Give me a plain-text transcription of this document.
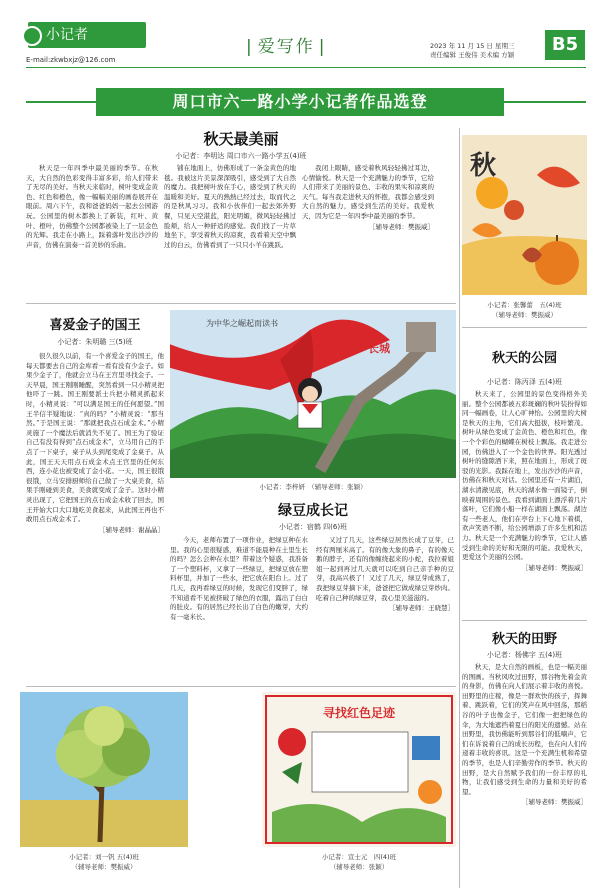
小记者
E-mail:zkwbxjz@126.com
| 爱写作 |	2023 年 11 月 15 日 星期三
责任编辑 王俊伟 美术编 方颖	B5
周口市六一路小学小记者作品选登
秋天最美丽
小记者：李明达 周口市六一路小学五(4)班

秋天是一年四季中最美丽的季节。在秋天，大自然的色彩变得丰富多彩，给人们带来了无尽的美好。当秋天来临时，树叶变成金黄色、红色和橙色，像一幅幅美丽的画卷展开在眼前。周六下午，我和爸爸妈妈一起去公园游玩。公园里的树木都换上了新装，红叶、黄叶、橙叶，仿佛整个公园都被染上了一层金色的光辉。我走在小路上，踩着落叶发出沙沙的声音，仿佛在演奏一首美妙的乐曲。

铺在地面上，仿佛形成了一条金黄色的地毯。我被这片美景深深吸引，感受到了大自然的魔力。我把树叶放在手心，感受到了秋天的温暖和美好。夏天的熱熱已经过去，取而代之的是秋风习习。我和小伙伴们一起去郊外野餐，只见天空湛蓝，阳光明媚，微风轻轻拂过脸颊，给人一种舒适的感觉。我们找了一片草地坐下，享受着秋天的凉爽，我看着天空中飘过的白云，仿佛看到了一只只小羊在跳跃。

我闭上眼睛，感受着秋风轻轻拂过耳边，心情愉悦。秋天是一个充满魅力的季节，它给人们带来了美丽的景色、丰收的果实和凉爽的天气。每当我走进秋天的怀抱，我都会感受到大自然的魅力，感受到生活的美好。我爱秋天，因为它是一年四季中最美丽的季节。

［辅导老师：樊振威］
秋
小记者：张馨蕾　五(4)班
（辅导老师：樊振威）
喜爱金子的国王
小记者：朱明璐 三(5)班

很久很久以前，有一个喜爱金子的国王，他每天都要去自己的金库看一看有没有少金子。如果少金子了，他就会立马在王宫里寻找金子。一天早晨，国王刚刚睡醒，突然看到一只小精灵把他吓了一跳。国王刚要派士兵把小精灵抓起来时，小精灵说：“可以满足国王的任何愿望。”国王半信半疑地说：“真的吗？”小精灵说：“那当然。”于是国王说：“那就把我点石成金术。”小精灵施了一个魔法后就消失不见了。国王为了验证自己有没有得到“点石成金术”，立马用自己的手点了一下桌子，桌子从头到尾变成了金桌子。从此，国王天天用点石成金术点王宫里的任何东西，连小花也被变成了金小花。一天，国王很饿很饿，立马安排厨师给自己做了一大桌美食，结果手刚碰到美食，美食就变成了金子。这时小精灵出现了，它把国王的点石成金术收了回去，国王开始大口大口地吃美食起来，从此国王再也不敢用点石成金术了。

［辅导老师：谢晶晶］
长城
为中华之崛起而读书
小记者：李梓妍　（辅导老师：张颖）
秋天的公园
小记者：陈丙泽 五(4)班

秋天来了，公园里的景色变得格外美丽。整个公园都被五彩斑斓的秋叶装扮得如同一幅画卷，让人心旷神怡。公园里的大树是秋天的主角，它们高大挺拔，枝叶繁茂。树叶从绿色变成了金黄色、橙色和红色，像一个个彩色的蝴蝶在树枝上飘荡。我走进公园，仿佛进入了一个金色的世界。阳光透过树叶的缝隙洒下来，照在地面上，形成了斑驳的光影。我踩在地上，发出沙沙的声音，仿佛在和秋天对话。公园里还有一片湖泊，湖水清澈见底，秋天的湖水像一面镜子，倒映着周围的景色。我看到湖面上漂浮着几片落叶，它们像小船一样在湖面上飘荡。湖边有一些老人，他们在亭台上下心地下着棋，欢声笑语不断，给公园增添了许多生机和活力。秋天是一个充满魅力的季节，它让人感受到生命的美好和无限的可能。我爱秋天，更爱这个美丽的公园。

［辅导老师：樊振威］
绿豆成长记
小记者：宿鹤 四(6)班

今天，老师布置了一项作业，把绿豆种在水里。我的心里很疑惑，难道不能晨种在土里生长的吗？怎么会种在水里？带着这个疑惑，我准备了一个塑料杯，又拿了一些绿豆，把绿豆放在塑料杯里，并加了一些水，把它放在阳台上。过了几天，我再看绿豆的时候，发现它们变胖了，绿不知道看不见被挤破了绿色的衣服，露出了白白的肚皮。有的居然已经长出了白色的嫩芽，大约有一毫米长。

又过了几天，这些绿豆居然长成了豆芽，已经有两厘米高了。有的像大象的鼻子，有的像天鹅的脖子，还有的像缠绕起来的小蛇，我拉着姐姐一起到再过几天就可以吃到自己亲手种的豆芽，我高兴极了！又过了几天，绿豆芽成熟了，我把绿豆芽摘下来，爸爸把它做成绿豆芽炒肉。吃着自己种的绿豆芽，我心里美滋滋的。

［辅导老师：王晓慧］
小记者：刘一钒 五(4)班
（辅导老师：樊振威）
寻找红色足迹
小记者：宣士元　四(4)班
（辅导老师：张颖）
秋天的田野
小记者：杨佛宇 五(4)班

秋天，是大自然的画板，也是一幅美丽的图画。当秋风吹过田野，那谷物先着金黄的身影，仿佛在向人们展示着丰收的喜悦。田野里的庄稼，像是一群欢快的孩子，挥舞着、跳跃着，它们的笑声在风中回荡，那稻谷的叶子也像金子，它们像一把把绿色的伞，为大地遮挡着夏日的阳光的遗憾。站在田野里，我仿佛能听到那谷们的低喃声，它们在诉说着自己的成长历程，也在向人们传递着丰收的喜讯。这是一个充满生机和希望的季节，也是人们辛勤劳作的季节。秋天的田野，是大自然赋予我们的一份丰厚的礼物，让我们感受到生命的力量和美好的希望。

［辅导老师：樊振威］
